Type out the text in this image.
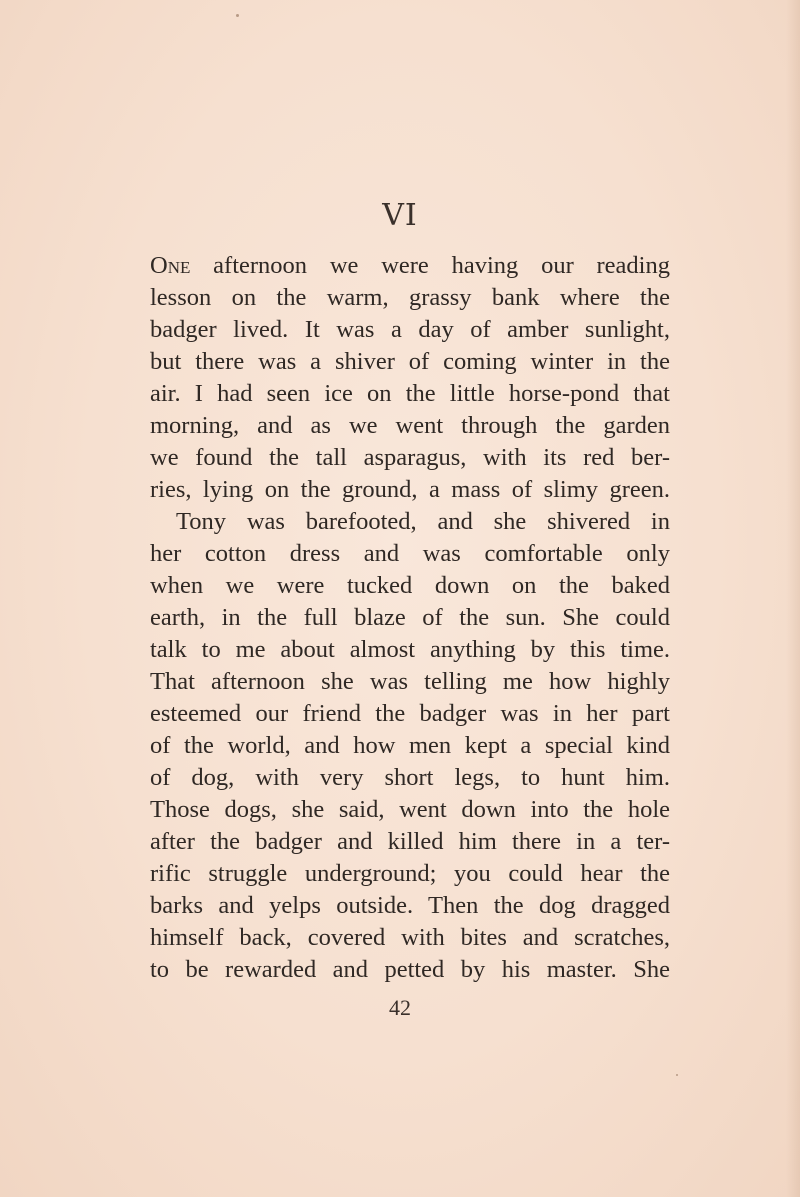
VI
One afternoon we were having our reading
lesson on the warm, grassy bank where the
badger lived. It was a day of amber sunlight,
but there was a shiver of coming winter in the
air. I had seen ice on the little horse-pond that
morning, and as we went through the garden
we found the tall asparagus, with its red ber-
ries, lying on the ground, a mass of slimy green.
Tony was barefooted, and she shivered in
her cotton dress and was comfortable only
when we were tucked down on the baked
earth, in the full blaze of the sun. She could
talk to me about almost anything by this time.
That afternoon she was telling me how highly
esteemed our friend the badger was in her part
of the world, and how men kept a special kind
of dog, with very short legs, to hunt him.
Those dogs, she said, went down into the hole
after the badger and killed him there in a ter-
rific struggle underground; you could hear the
barks and yelps outside. Then the dog dragged
himself back, covered with bites and scratches,
to be rewarded and petted by his master. She
42
